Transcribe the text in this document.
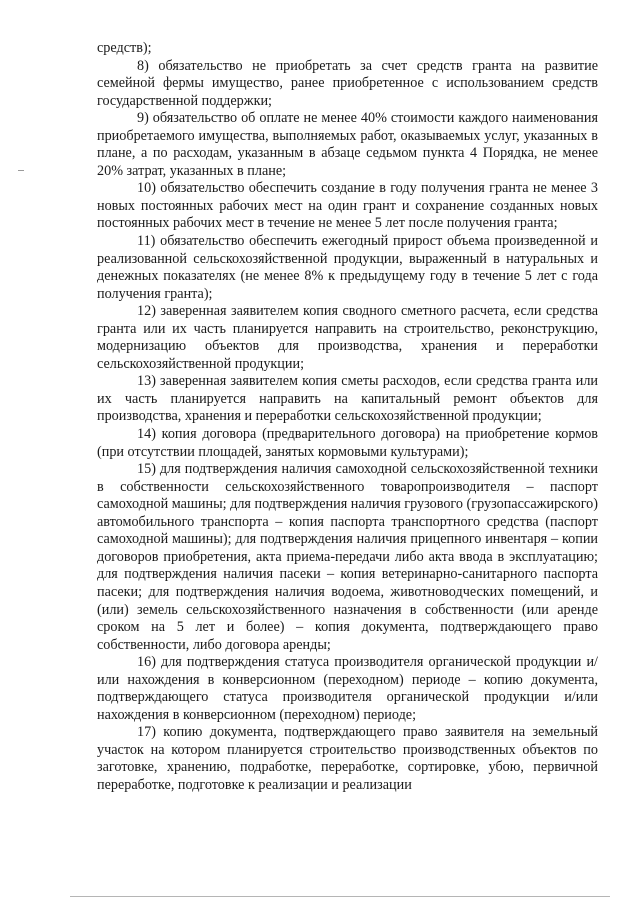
средств);

8) обязательство не приобретать за счет средств гранта на развитие семейной фермы имущество, ранее приобретенное с использованием средств государственной поддержки;

9) обязательство об оплате не менее 40% стоимости каждого наименования приобретаемого имущества, выполняемых работ, оказываемых услуг, указанных в плане, а по расходам, указанным в абзаце седьмом пункта 4 Порядка, не менее 20% затрат, указанных в плане;

10) обязательство обеспечить создание в году получения гранта не менее 3 новых постоянных рабочих мест на один грант и сохранение созданных новых постоянных рабочих мест в течение не менее 5 лет после получения гранта;

11) обязательство обеспечить ежегодный прирост объема произведенной и реализованной сельскохозяйственной продукции, выраженный в натуральных и денежных показателях (не менее 8% к предыдущему году в течение 5 лет с года получения гранта);

12) заверенная заявителем копия сводного сметного расчета, если средства гранта или их часть планируется направить на строительство, реконструкцию, модернизацию объектов для производства, хранения и переработки сельскохозяйственной продукции;

13) заверенная заявителем копия сметы расходов, если средства гранта или их часть планируется направить на капитальный ремонт объектов для производства, хранения и переработки сельскохозяйственной продукции;

14) копия договора (предварительного договора) на приобретение кормов (при отсутствии площадей, занятых кормовыми культурами);

15) для подтверждения наличия самоходной сельскохозяйственной техники в собственности сельскохозяйственного товаропроизводителя – паспорт самоходной машины; для подтверждения наличия грузового (грузопассажирского) автомобильного транспорта – копия паспорта транспортного средства (паспорт самоходной машины); для подтверждения наличия прицепного инвентаря – копии договоров приобретения, акта приема-передачи либо акта ввода в эксплуатацию; для подтверждения наличия пасеки – копия ветеринарно-санитарного паспорта пасеки; для подтверждения наличия водоема, животноводческих помещений, и (или) земель сельскохозяйственного назначения в собственности (или аренде сроком на 5 лет и более) – копия документа, подтверждающего право собственности, либо договора аренды;

16) для подтверждения статуса производителя органической продукции и/или нахождения в конверсионном (переходном) периоде – копию документа, подтверждающего статуса производителя органической продукции и/или нахождения в конверсионном (переходном) периоде;

17) копию документа, подтверждающего право заявителя на земельный участок на котором планируется строительство производственных объектов по заготовке, хранению, подработке, переработке, сортировке, убою, первичной переработке, подготовке к реализации и реализации
